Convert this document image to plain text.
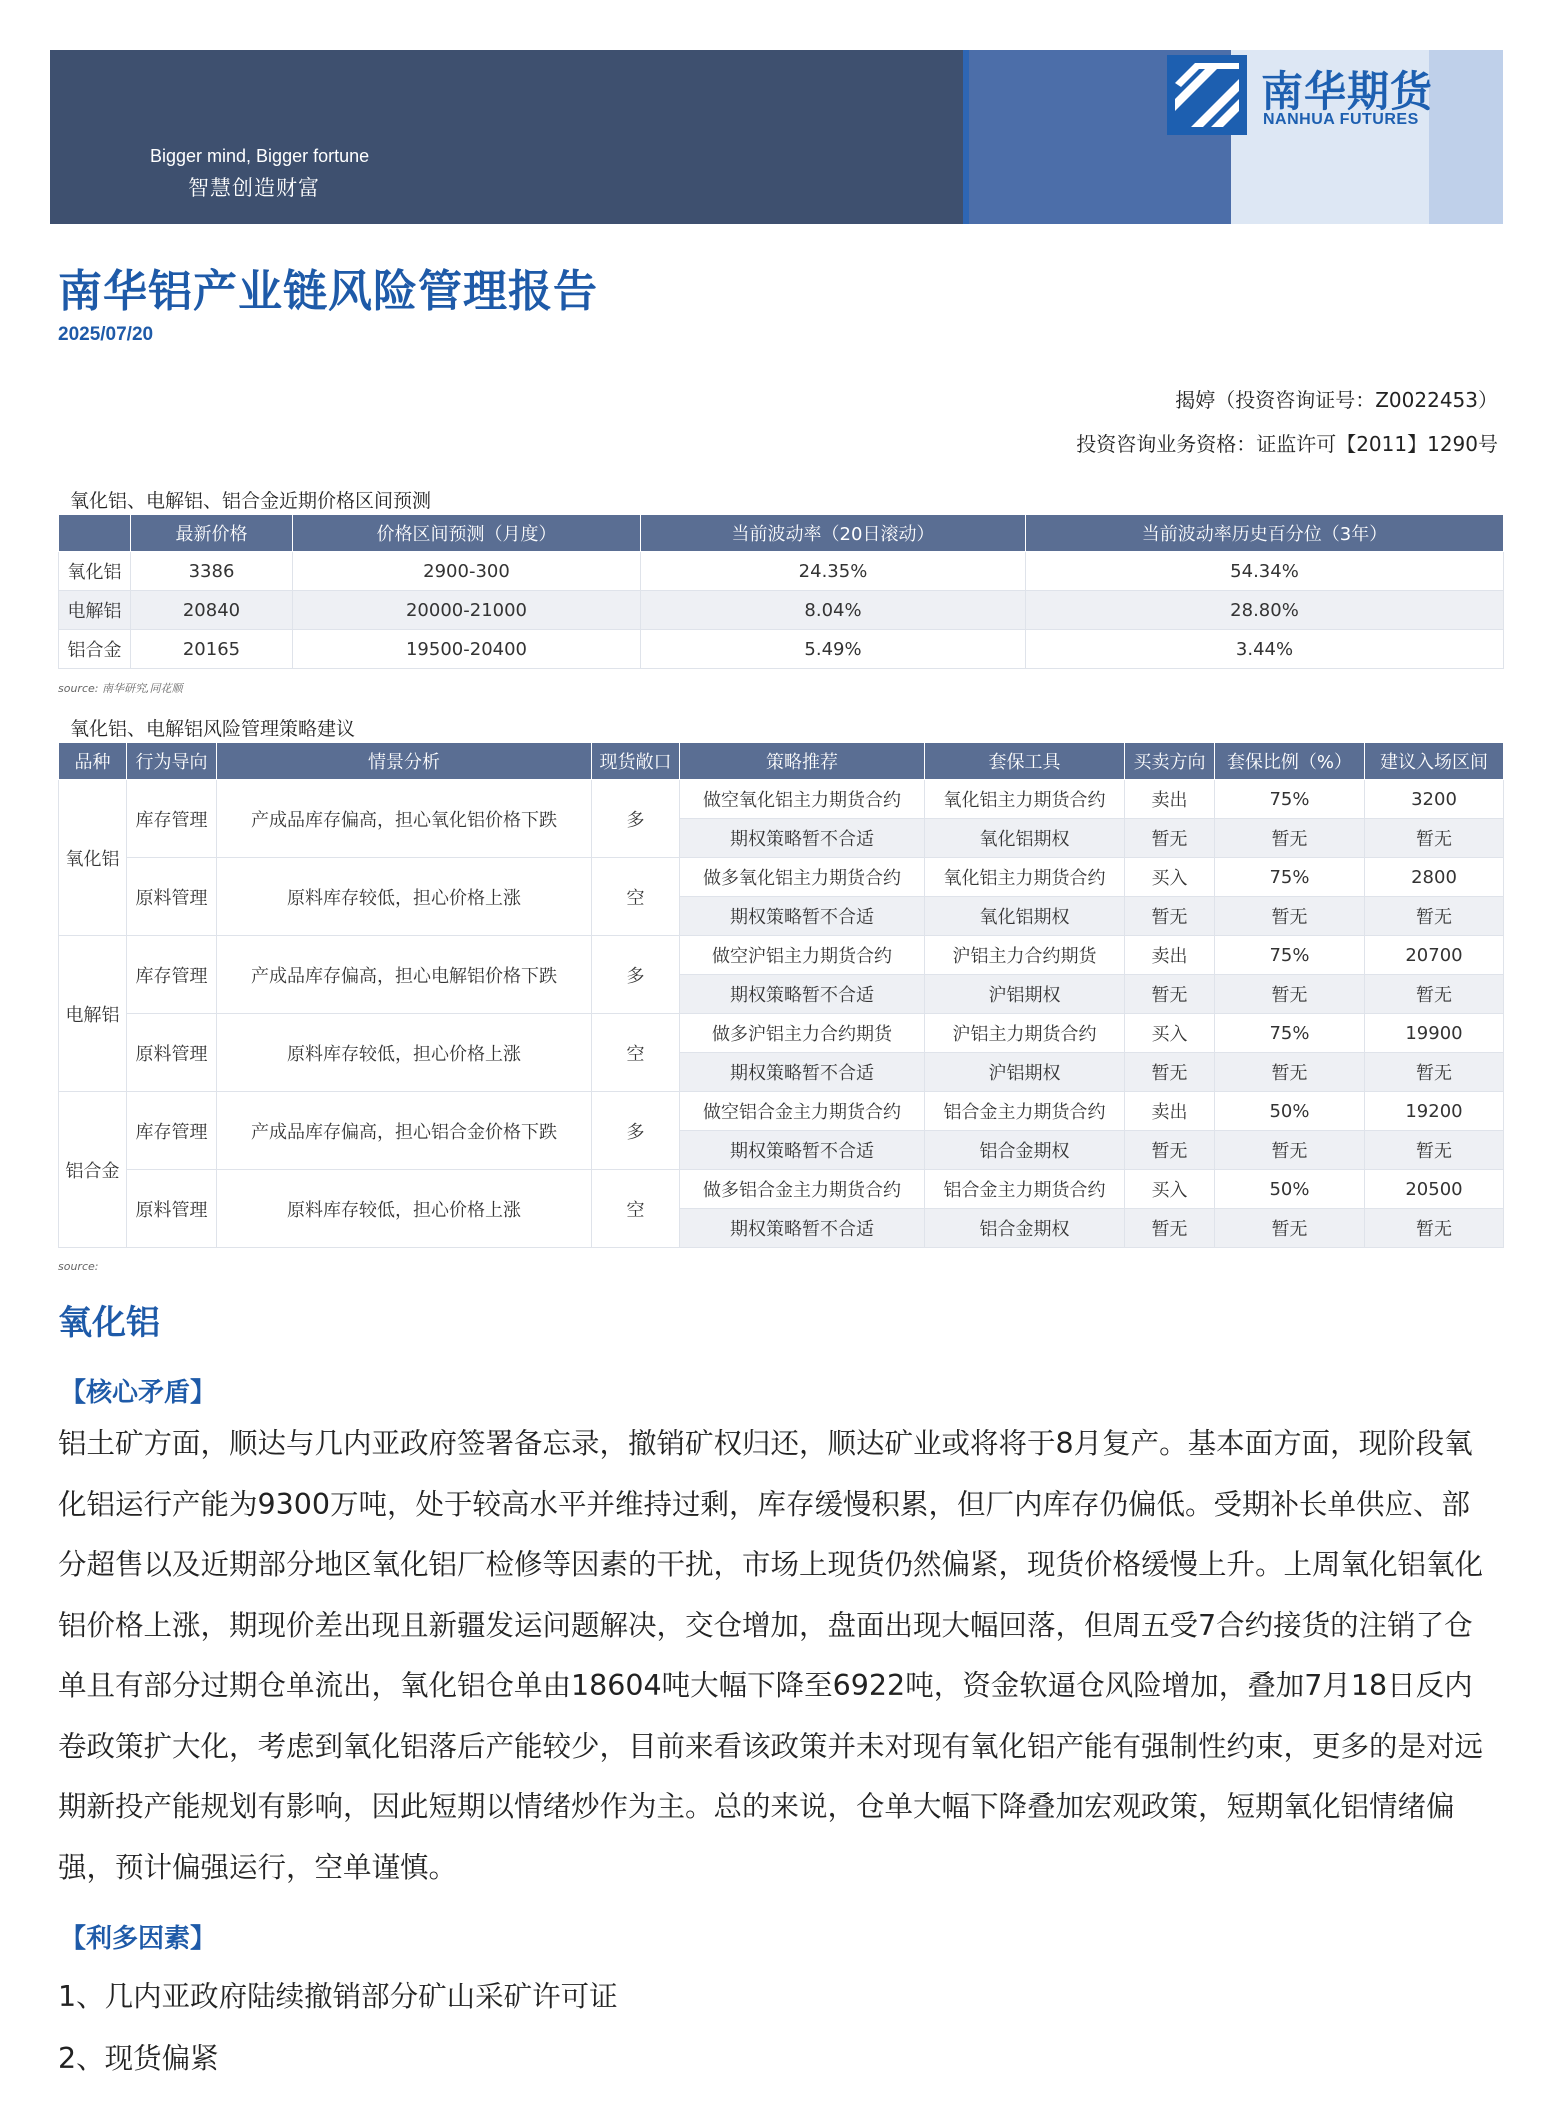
Bigger mind, Bigger fortune
智慧创造财富
南华期货
NANHUA FUTURES
南华铝产业链风险管理报告
2025/07/20
揭婷（投资咨询证号：Z0022453）
投资咨询业务资格：证监许可【2011】1290号
氧化铝、电解铝、铝合金近期价格区间预测
	最新价格	价格区间预测（月度）	当前波动率（20日滚动）	当前波动率历史百分位（3年）
氧化铝	3386	2900-300	24.35%	54.34%
电解铝	20840	20000-21000	8.04%	28.80%
铝合金	20165	19500-20400	5.49%	3.44%
source: 南华研究,同花顺
氧化铝、电解铝风险管理策略建议
品种	行为导向	情景分析	现货敞口	策略推荐	套保工具	买卖方向	套保比例（%）	建议入场区间
氧化铝	库存管理	产成品库存偏高，担心氧化铝价格下跌	多	做空氧化铝主力期货合约	氧化铝主力期货合约	卖出	75%	3200
				期权策略暂不合适	氧化铝期权	暂无	暂无	暂无
	原料管理	原料库存较低，担心价格上涨	空	做多氧化铝主力期货合约	氧化铝主力期货合约	买入	75%	2800
				期权策略暂不合适	氧化铝期权	暂无	暂无	暂无
电解铝	库存管理	产成品库存偏高，担心电解铝价格下跌	多	做空沪铝主力期货合约	沪铝主力合约期货	卖出	75%	20700
				期权策略暂不合适	沪铝期权	暂无	暂无	暂无
	原料管理	原料库存较低，担心价格上涨	空	做多沪铝主力合约期货	沪铝主力期货合约	买入	75%	19900
				期权策略暂不合适	沪铝期权	暂无	暂无	暂无
铝合金	库存管理	产成品库存偏高，担心铝合金价格下跌	多	做空铝合金主力期货合约	铝合金主力期货合约	卖出	50%	19200
				期权策略暂不合适	铝合金期权	暂无	暂无	暂无
	原料管理	原料库存较低，担心价格上涨	空	做多铝合金主力期货合约	铝合金主力期货合约	买入	50%	20500
				期权策略暂不合适	铝合金期权	暂无	暂无	暂无
source:
氧化铝
【核心矛盾】

铝土矿方面，顺达与几内亚政府签署备忘录，撤销矿权归还，顺达矿业或将将于8月复产。基本面方面，现阶段氧化铝运行产能为9300万吨，处于较高水平并维持过剩，库存缓慢积累，但厂内库存仍偏低。受期补长单供应、部分超售以及近期部分地区氧化铝厂检修等因素的干扰，市场上现货仍然偏紧，现货价格缓慢上升。上周氧化铝氧化铝价格上涨，期现价差出现且新疆发运问题解决，交仓增加，盘面出现大幅回落，但周五受7合约接货的注销了仓单且有部分过期仓单流出，氧化铝仓单由18604吨大幅下降至6922吨，资金软逼仓风险增加，叠加7月18日反内卷政策扩大化，考虑到氧化铝落后产能较少，目前来看该政策并未对现有氧化铝产能有强制性约束，更多的是对远期新投产能规划有影响，因此短期以情绪炒作为主。总的来说，仓单大幅下降叠加宏观政策，短期氧化铝情绪偏强，预计偏强运行，空单谨慎。

【利多因素】
1、几内亚政府陆续撤销部分矿山采矿许可证
2、现货偏紧
